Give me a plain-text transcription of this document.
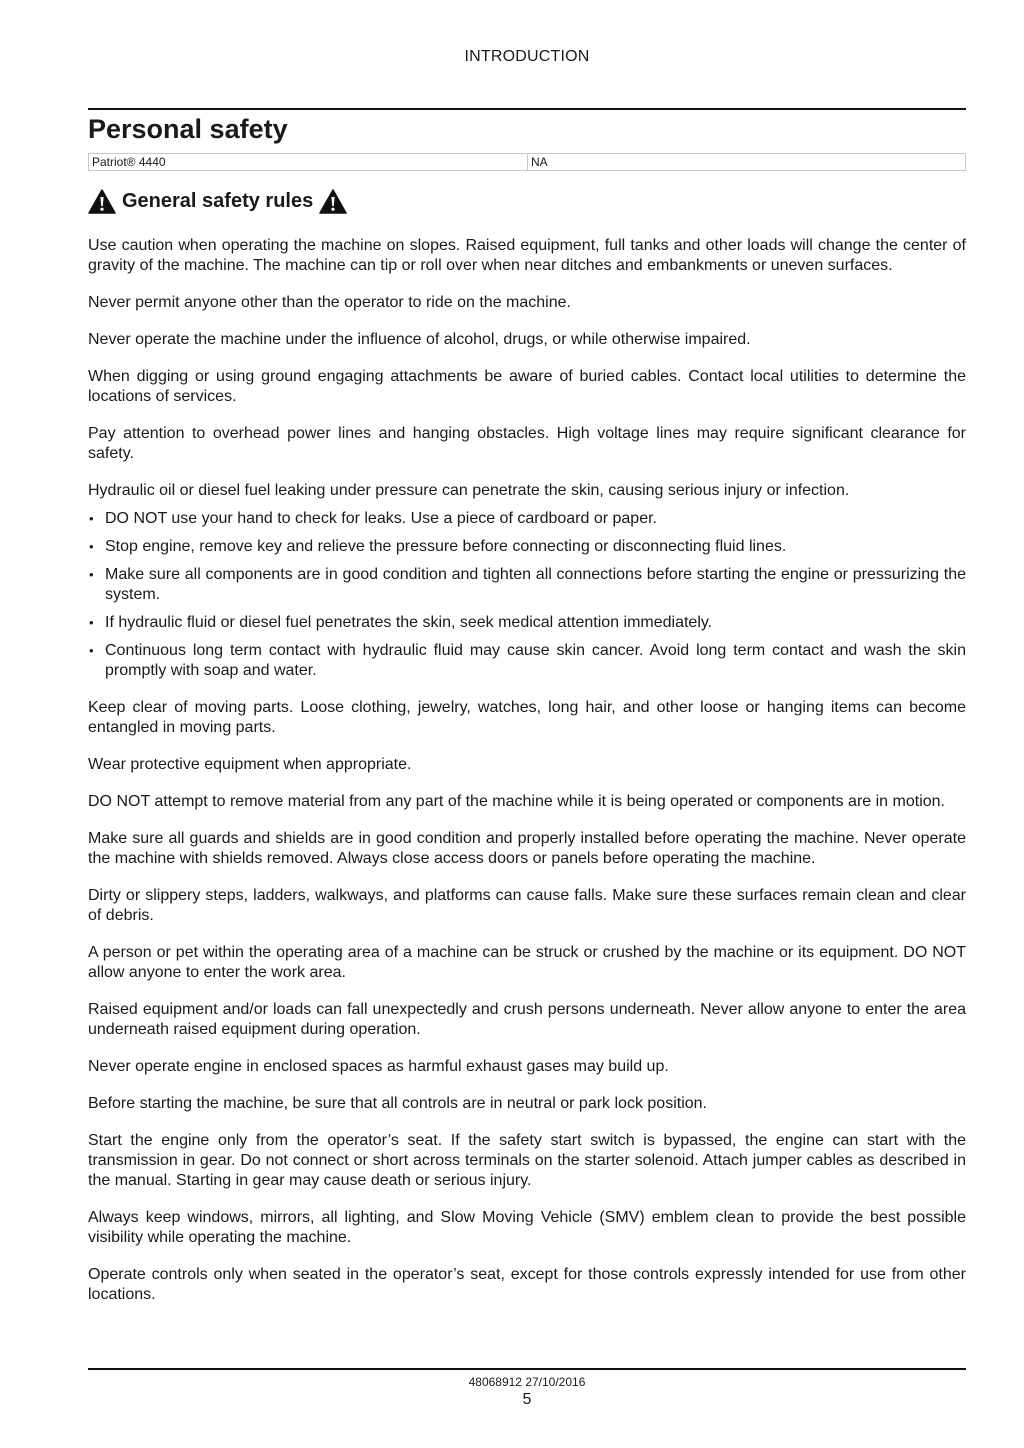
INTRODUCTION
Personal safety
Patriot® 4440	NA
General safety rules

Use caution when operating the machine on slopes. Raised equipment, full tanks and other loads will change the center of gravity of the machine. The machine can tip or roll over when near ditches and embankments or uneven surfaces.

Never permit anyone other than the operator to ride on the machine.

Never operate the machine under the influence of alcohol, drugs, or while otherwise impaired.

When digging or using ground engaging attachments be aware of buried cables. Contact local utilities to determine the locations of services.

Pay attention to overhead power lines and hanging obstacles. High voltage lines may require significant clearance for safety.

Hydraulic oil or diesel fuel leaking under pressure can penetrate the skin, causing serious injury or infection.

• DO NOT use your hand to check for leaks. Use a piece of cardboard or paper.
• Stop engine, remove key and relieve the pressure before connecting or disconnecting fluid lines.
• Make sure all components are in good condition and tighten all connections before starting the engine or pressurizing the system.
• If hydraulic fluid or diesel fuel penetrates the skin, seek medical attention immediately.
• Continuous long term contact with hydraulic fluid may cause skin cancer. Avoid long term contact and wash the skin promptly with soap and water.

Keep clear of moving parts. Loose clothing, jewelry, watches, long hair, and other loose or hanging items can become entangled in moving parts.

Wear protective equipment when appropriate.

DO NOT attempt to remove material from any part of the machine while it is being operated or components are in motion.

Make sure all guards and shields are in good condition and properly installed before operating the machine. Never operate the machine with shields removed. Always close access doors or panels before operating the machine.

Dirty or slippery steps, ladders, walkways, and platforms can cause falls. Make sure these surfaces remain clean and clear of debris.

A person or pet within the operating area of a machine can be struck or crushed by the machine or its equipment. DO NOT allow anyone to enter the work area.

Raised equipment and/or loads can fall unexpectedly and crush persons underneath. Never allow anyone to enter the area underneath raised equipment during operation.

Never operate engine in enclosed spaces as harmful exhaust gases may build up.

Before starting the machine, be sure that all controls are in neutral or park lock position.

Start the engine only from the operator’s seat. If the safety start switch is bypassed, the engine can start with the transmission in gear. Do not connect or short across terminals on the starter solenoid. Attach jumper cables as described in the manual. Starting in gear may cause death or serious injury.

Always keep windows, mirrors, all lighting, and Slow Moving Vehicle (SMV) emblem clean to provide the best possible visibility while operating the machine.

Operate controls only when seated in the operator’s seat, except for those controls expressly intended for use from other locations.

48068912 27/10/2016
5
